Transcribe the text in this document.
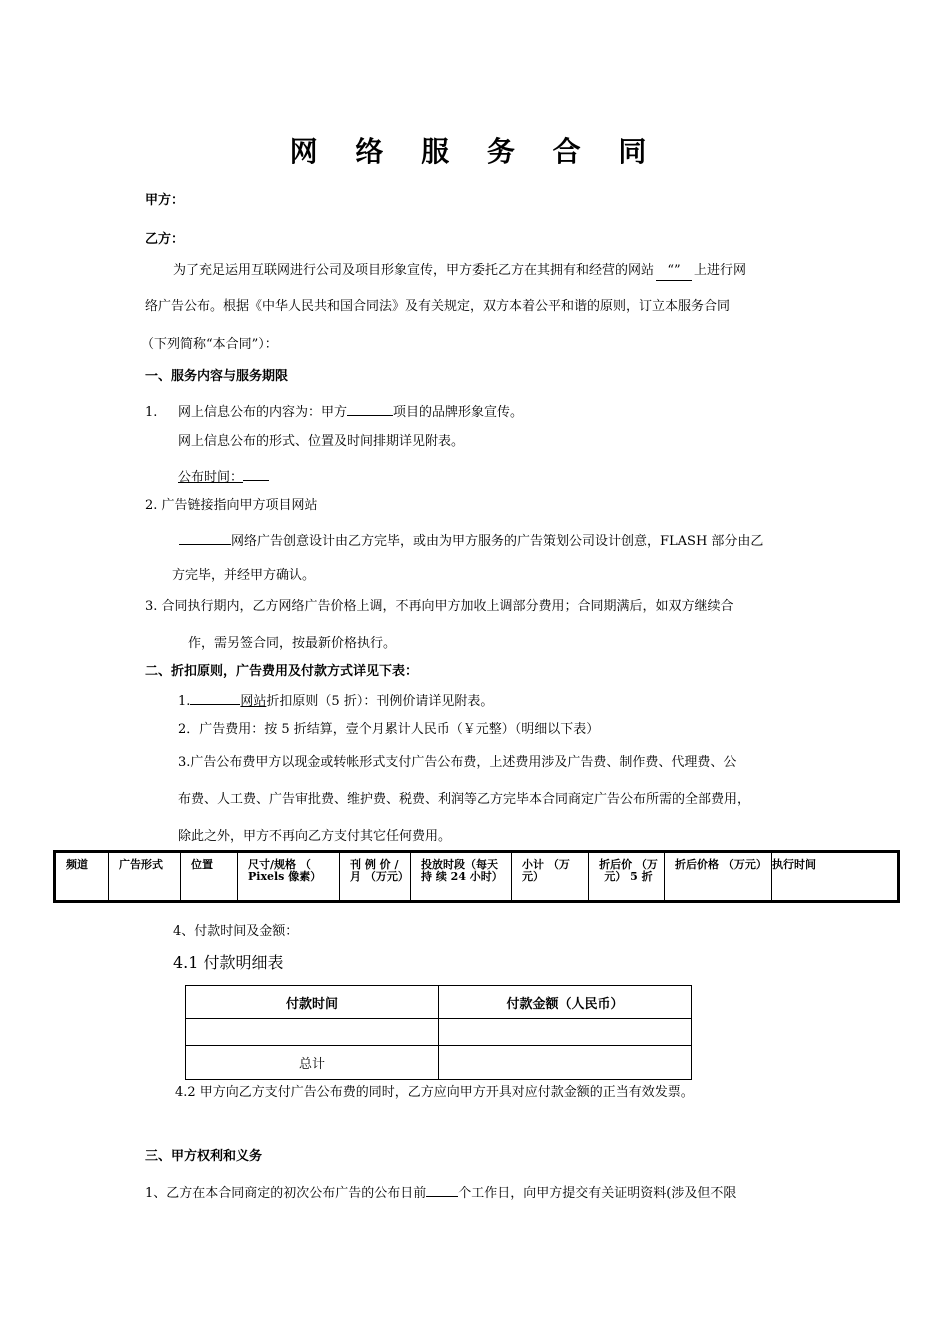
网 络 服 务 合 同
甲方：
乙方：
为了充足运用互联网进行公司及项目形象宣传，甲方委托乙方在其拥有和经营的网站 “” 上进行网
络广告公布。根据《中华人民共和国合同法》及有关规定，双方本着公平和谐的原则，订立本服务合同
（下列简称“本合同”）：
一、服务内容与服务期限
1. 网上信息公布的内容为：甲方	项目的品牌形象宣传。
网上信息公布的形式、位置及时间排期详见附表。
公布时间：
2. 广告链接指向甲方项目网站
网络广告创意设计由乙方完毕，或由为甲方服务的广告策划公司设计创意，FLASH 部分由乙
方完毕，并经甲方确认。
3. 合同执行期内，乙方网络广告价格上调，不再向甲方加收上调部分费用；合同期满后，如双方继续合
作，需另签合同，按最新价格执行。
二、折扣原则，广告费用及付款方式详见下表：
1.	网站折扣原则（5 折）：刊例价请详见附表。
2．广告费用：按 5 折结算，壹个月累计人民币（￥元整）（明细以下表）
3.广告公布费甲方以现金或转帐形式支付广告公布费，上述费用涉及广告费、制作费、代理费、公
布费、人工费、广告审批费、维护费、税费、利润等乙方完毕本合同商定广告公布所需的全部费用，
除此之外，甲方不再向乙方支付其它任何费用。
频道	广告形式	位置	尺寸/规格 （ Pixels 像素）	刊 例 价 / 月 （万元）	投放时段（每天 持 续 24 小时）	小计 （万元）	折后价 （万元） 5 折	折后价格 （万元）	执行时间
4、付款时间及金额：
4.1 付款明细表
付款时间	付款金额（人民币）

总计	
4.2 甲方向乙方支付广告公布费的同时，乙方应向甲方开具对应付款金额的正当有效发票。
三、甲方权利和义务
1、乙方在本合同商定的初次公布广告的公布日前 个工作日，向甲方提交有关证明资料(涉及但不限
